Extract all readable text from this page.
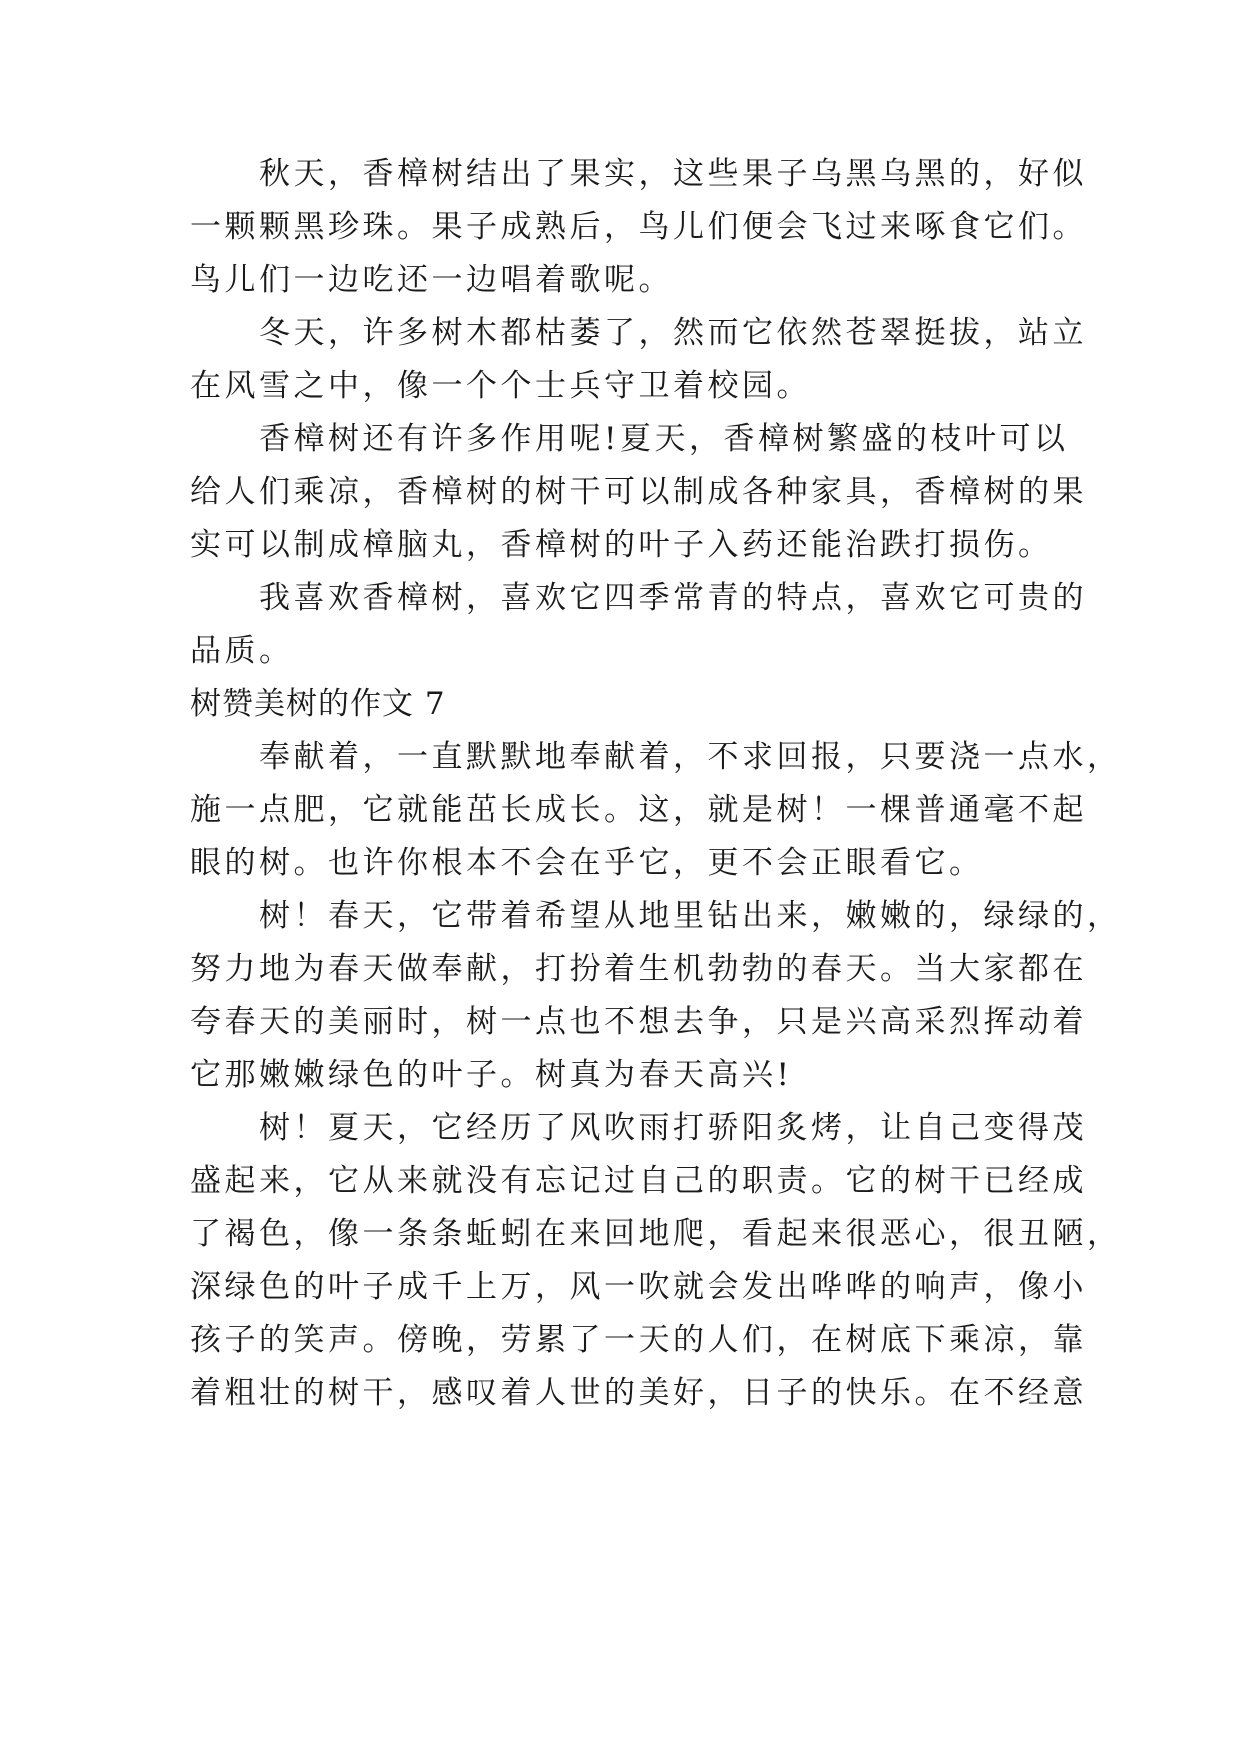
　　秋天，香樟树结出了果实，这些果子乌黑乌黑的，好似
一颗颗黑珍珠。果子成熟后，鸟儿们便会飞过来啄食它们。
鸟儿们一边吃还一边唱着歌呢。
　　冬天，许多树木都枯萎了，然而它依然苍翠挺拔，站立
在风雪之中，像一个个士兵守卫着校园。
　　香樟树还有许多作用呢!夏天，香樟树繁盛的枝叶可以
给人们乘凉，香樟树的树干可以制成各种家具，香樟树的果
实可以制成樟脑丸，香樟树的叶子入药还能治跌打损伤。
　　我喜欢香樟树，喜欢它四季常青的特点，喜欢它可贵的
品质。
树赞美树的作文 7
　　奉献着，一直默默地奉献着，不求回报，只要浇一点水，
施一点肥，它就能茁长成长。这，就是树！一棵普通毫不起
眼的树。也许你根本不会在乎它，更不会正眼看它。
　　树！春天，它带着希望从地里钻出来，嫩嫩的，绿绿的，
努力地为春天做奉献，打扮着生机勃勃的春天。当大家都在
夸春天的美丽时，树一点也不想去争，只是兴高采烈挥动着
它那嫩嫩绿色的叶子。树真为春天高兴!
　　树！夏天，它经历了风吹雨打骄阳炙烤，让自己变得茂
盛起来，它从来就没有忘记过自己的职责。它的树干已经成
了褐色，像一条条蚯蚓在来回地爬，看起来很恶心，很丑陋，
深绿色的叶子成千上万，风一吹就会发出哗哗的响声，像小
孩子的笑声。傍晚，劳累了一天的人们，在树底下乘凉，靠
着粗壮的树干，感叹着人世的美好，日子的快乐。在不经意
